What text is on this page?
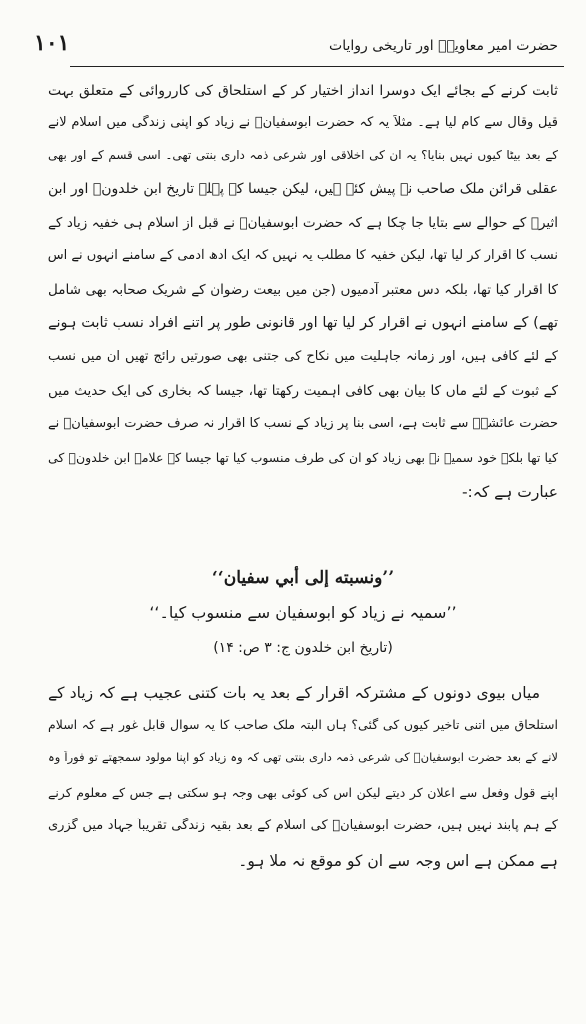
١٠١	حضرت امیر معاویہؓ اور تاریخی روایات
ثابت کرنے کے بجائے ایک دوسرا انداز اختیار کر کے استلحاق کی کارروائی کے متعلق بہت
قیل وقال سے کام لیا ہے۔ مثلاً یہ کہ حضرت ابوسفیانؓ نے زیاد کو اپنی زندگی میں اسلام لانے
کے بعد بیٹا کیوں نہیں بنایا؟ یہ ان کی اخلاقی اور شرعی ذمہ داری بنتی تھی۔ اسی قسم کے اور بھی
عقلی قرائن ملک صاحب نے پیش کئے ہیں، لیکن جیسا کہ پہلے تاریخ ابن خلدونؒ اور ابن
اثیرؒ کے حوالے سے بتایا جا چکا ہے کہ حضرت ابوسفیانؓ نے قبل از اسلام ہی خفیہ زیاد کے
نسب کا اقرار کر لیا تھا، لیکن خفیہ کا مطلب یہ نہیں کہ ایک آدھ آدمی کے سامنے انہوں نے اس
کا اقرار کیا تھا، بلکہ دس معتبر آدمیوں (جن میں بیعت رضوان کے شریک صحابہ بھی شامل
تھے) کے سامنے انہوں نے اقرار کر لیا تھا اور قانونی طور پر اتنے افراد نسب ثابت ہونے
کے لئے کافی ہیں، اور زمانہ جاہلیت میں نکاح کی جتنی بھی صورتیں رائج تھیں ان میں نسب
کے ثبوت کے لئے ماں کا بیان بھی کافی اہمیت رکھتا تھا، جیسا کہ بخاری کی ایک حدیث میں
حضرت عائشہؓ سے ثابت ہے، اسی بنا پر زیاد کے نسب کا اقرار نہ صرف حضرت ابوسفیانؓ نے
کیا تھا بلکہ خود سمیہ نے بھی زیاد کو ان کی طرف منسوب کیا تھا جیسا کہ علامہ ابن خلدونؒ کی
عبارت ہے کہ:-
’’ونسبته إلى أبي سفيان‘‘
’’سمیہ نے زیاد کو ابوسفیان سے منسوب کیا۔‘‘
(تاریخ ابن خلدون ج: ۳ ص: ۱۴)
میاں بیوی دونوں کے مشترکہ اقرار کے بعد یہ بات کتنی عجیب ہے کہ زیاد کے
استلحاق میں اتنی تاخیر کیوں کی گئی؟ ہاں البتہ ملک صاحب کا یہ سوال قابل غور ہے کہ اسلام
لانے کے بعد حضرت ابوسفیانؓ کی شرعی ذمہ داری بنتی تھی کہ وہ زیاد کو اپنا مولود سمجھتے تو فوراً وہ
اپنے قول وفعل سے اعلان کر دیتے لیکن اس کی کوئی بھی وجہ ہو سکتی ہے جس کے معلوم کرنے
کے ہم پابند نہیں ہیں، حضرت ابوسفیانؓ کی اسلام کے بعد بقیہ زندگی تقریباً جہاد میں گزری
ہے ممکن ہے اس وجہ سے ان کو موقع نہ ملا ہو۔
